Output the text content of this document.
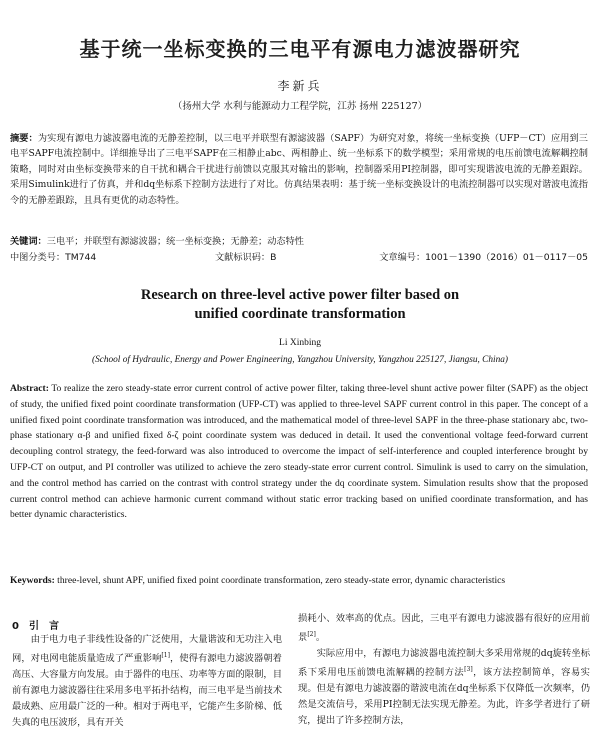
基于统一坐标变换的三电平有源电力滤波器研究
李新兵
（扬州大学 水利与能源动力工程学院，江苏 扬州 225127）
摘要：为实现有源电力滤波器电流的无静差控制，以三电平并联型有源滤波器（SAPF）为研究对象，将统一坐标变换（UFP－CT）应用到三电平SAPF电流控制中。详细推导出了三电平SAPF在三相静止abc、两相静止、统一坐标系下的数学模型；采用常规的电压前馈电流解耦控制策略，同时对由坐标变换带来的自干扰和耦合干扰进行前馈以克服其对输出的影响，控制器采用PI控制器，即可实现谐波电流的无静差跟踪。采用Simulink进行了仿真，并和dq坐标系下控制方法进行了对比。仿真结果表明：基于统一坐标变换设计的电流控制器可以实现对谐波电流指令的无静差跟踪，且具有更优的动态特性。
关键词：三电平；并联型有源滤波器；统一坐标变换；无静差；动态特性
中图分类号：TM744	文献标识码：B	文章编号：1001－1390（2016）01－0117－05
Research on three-level active power filter based on
unified coordinate transformation
Li Xinbing
(School of Hydraulic, Energy and Power Engineering, Yangzhou University, Yangzhou 225127, Jiangsu, China)
Abstract: To realize the zero steady-state error current control of active power filter, taking three-level shunt active power filter (SAPF) as the object of study, the unified fixed point coordinate transformation (UFP-CT) was applied to three-level SAPF current control in this paper. The concept of a unified fixed point coordinate transformation was introduced, and the mathematical model of three-level SAPF in the three-phase stationary abc, two-phase stationary α-β and unified fixed δ-ζ point coordinate system was deduced in detail. It used the conventional voltage feed-forward current decoupling control strategy, the feed-forward was also introduced to overcome the impact of self-interference and coupled interference brought by UFP-CT on output, and PI controller was utilized to achieve the zero steady-state error current control. Simulink is used to carry on the simulation, and the control method has carried on the contrast with control strategy under the dq coordinate system. Simulation results show that the proposed current control method can achieve harmonic current command without static error tracking based on unified coordinate transformation, and has better dynamic characteristics.
Keywords: three-level, shunt APF, unified fixed point coordinate transformation, zero steady-state error, dynamic characteristics
0　引　言
由于电力电子非线性设备的广泛使用，大量谐波和无功注入电网，对电网电能质量造成了严重影响[1]，使得有源电力滤波器朝着高压、大容量方向发展。由于器件的电压、功率等方面的限制，目前有源电力滤波器往往采用多电平拓扑结构，而三电平是当前技术最成熟、应用最广泛的一种。相对于两电平，它能产生多阶梯、低失真的电压波形，具有开关
损耗小、效率高的优点。因此，三电平有源电力滤波器有很好的应用前景[2]。
实际应用中，有源电力滤波器电流控制大多采用常规的dq旋转坐标系下采用电压前馈电流解耦的控制方法[3]，该方法控制简单，容易实现。但是有源电力滤波器的谐波电流在dq坐标系下仅降低一次频率，仍然是交流信号，采用PI控制无法实现无静差。为此，许多学者进行了研究，提出了许多控制方法，
